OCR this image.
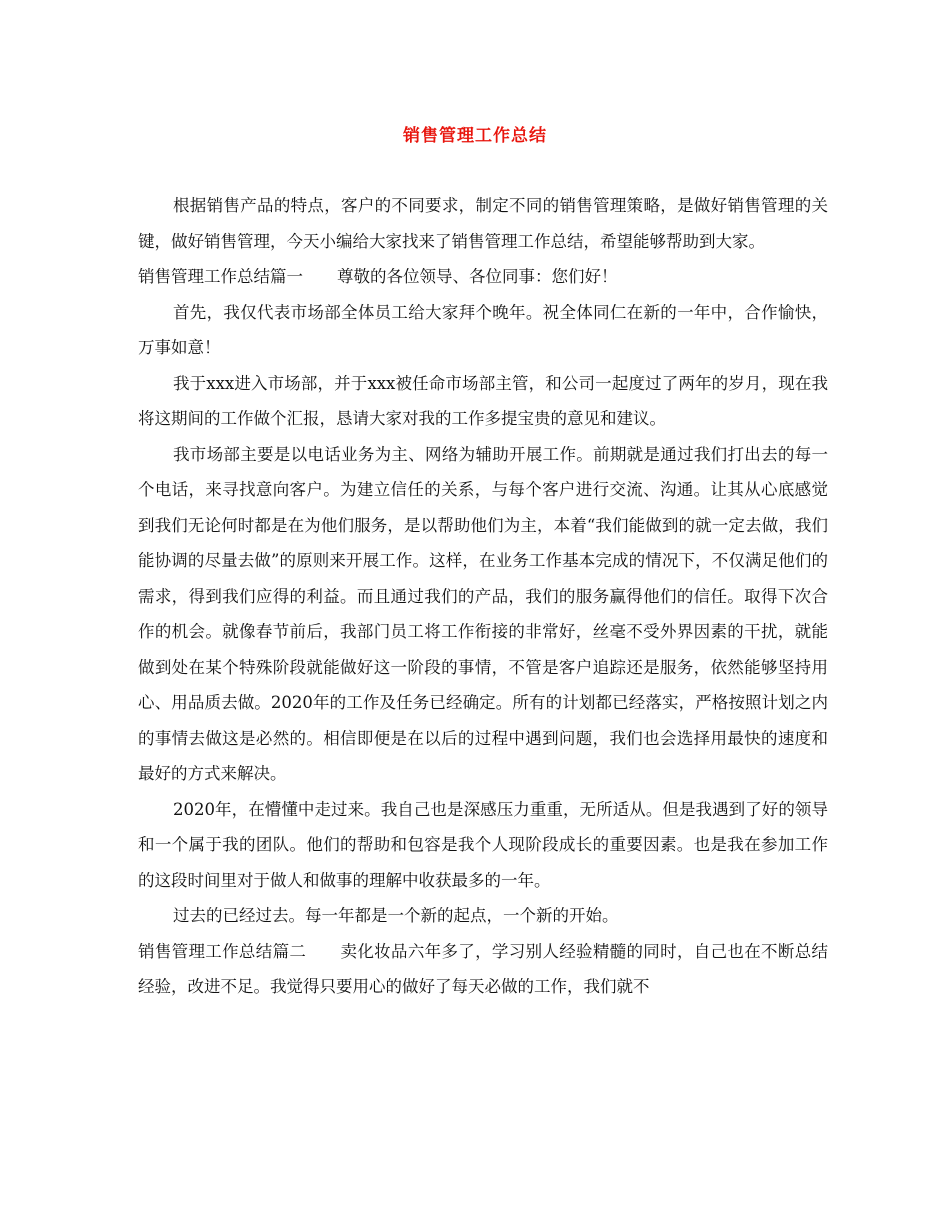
销售管理工作总结

根据销售产品的特点，客户的不同要求，制定不同的销售管理策略，是做好销售管理的关键，做好销售管理，今天小编给大家找来了销售管理工作总结，希望能够帮助到大家。

销售管理工作总结篇一 尊敬的各位领导、各位同事：您们好！

首先，我仅代表市场部全体员工给大家拜个晚年。祝全体同仁在新的一年中，合作愉快，万事如意！

我于xxx进入市场部，并于xxx被任命市场部主管，和公司一起度过了两年的岁月，现在我将这期间的工作做个汇报，恳请大家对我的工作多提宝贵的意见和建议。

我市场部主要是以电话业务为主、网络为辅助开展工作。前期就是通过我们打出去的每一个电话，来寻找意向客户。为建立信任的关系，与每个客户进行交流、沟通。让其从心底感觉到我们无论何时都是在为他们服务，是以帮助他们为主，本着“我们能做到的就一定去做，我们能协调的尽量去做”的原则来开展工作。这样，在业务工作基本完成的情况下，不仅满足他们的需求，得到我们应得的利益。而且通过我们的产品，我们的服务赢得他们的信任。取得下次合作的机会。就像春节前后，我部门员工将工作衔接的非常好，丝毫不受外界因素的干扰，就能做到处在某个特殊阶段就能做好这一阶段的事情，不管是客户追踪还是服务，依然能够坚持用心、用品质去做。2020年的工作及任务已经确定。所有的计划都已经落实，严格按照计划之内的事情去做这是必然的。相信即便是在以后的过程中遇到问题，我们也会选择用最快的速度和最好的方式来解决。

2020年，在懵懂中走过来。我自己也是深感压力重重，无所适从。但是我遇到了好的领导和一个属于我的团队。他们的帮助和包容是我个人现阶段成长的重要因素。也是我在参加工作的这段时间里对于做人和做事的理解中收获最多的一年。

过去的已经过去。每一年都是一个新的起点，一个新的开始。

销售管理工作总结篇二 卖化妆品六年多了，学习别人经验精髓的同时，自己也在不断总结经验，改进不足。我觉得只要用心的做好了每天必做的工作，我们就不
